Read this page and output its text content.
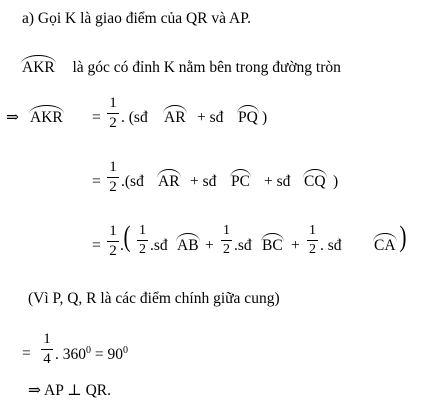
a) Gọi K là giao điểm của QR và AP.
AKR là góc có đỉnh K nằm bên trong đường tròn
⇒ AKR =
1
2 . (sđ AR + sđ PQ )
=
1
2 .(sđ AR + sđ PC + sđ CQ )
=
1
2 . ( 1
2 .sđ AB +
1
2 .sđ BC +
1
2 . sđ CA )
(Vì P, Q, R là các điểm chính giữa cung)
=
1
4 . $360^0 = 90^0$
⇒ AP ⊥ QR.
